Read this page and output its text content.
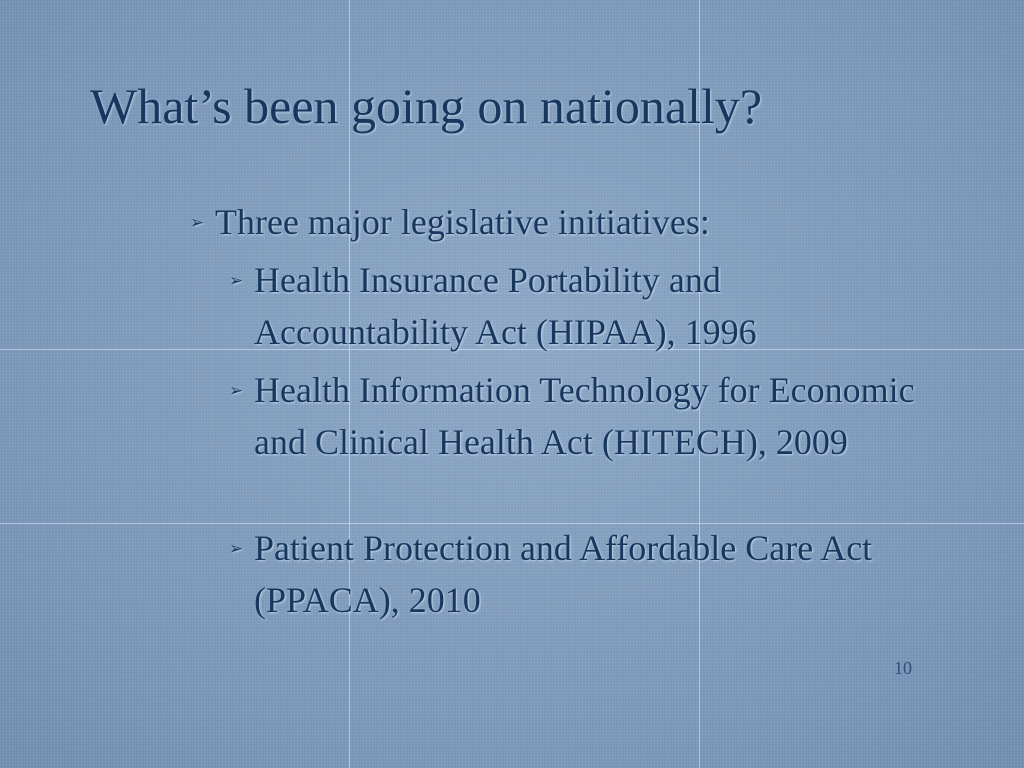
What’s been going on nationally?
➢ Three major legislative initiatives:
➢ Health Insurance Portability and Accountability Act (HIPAA), 1996
➢ Health Information Technology for Economic and Clinical Health Act (HITECH), 2009
➢ Patient Protection and Affordable Care Act (PPACA), 2010
10
